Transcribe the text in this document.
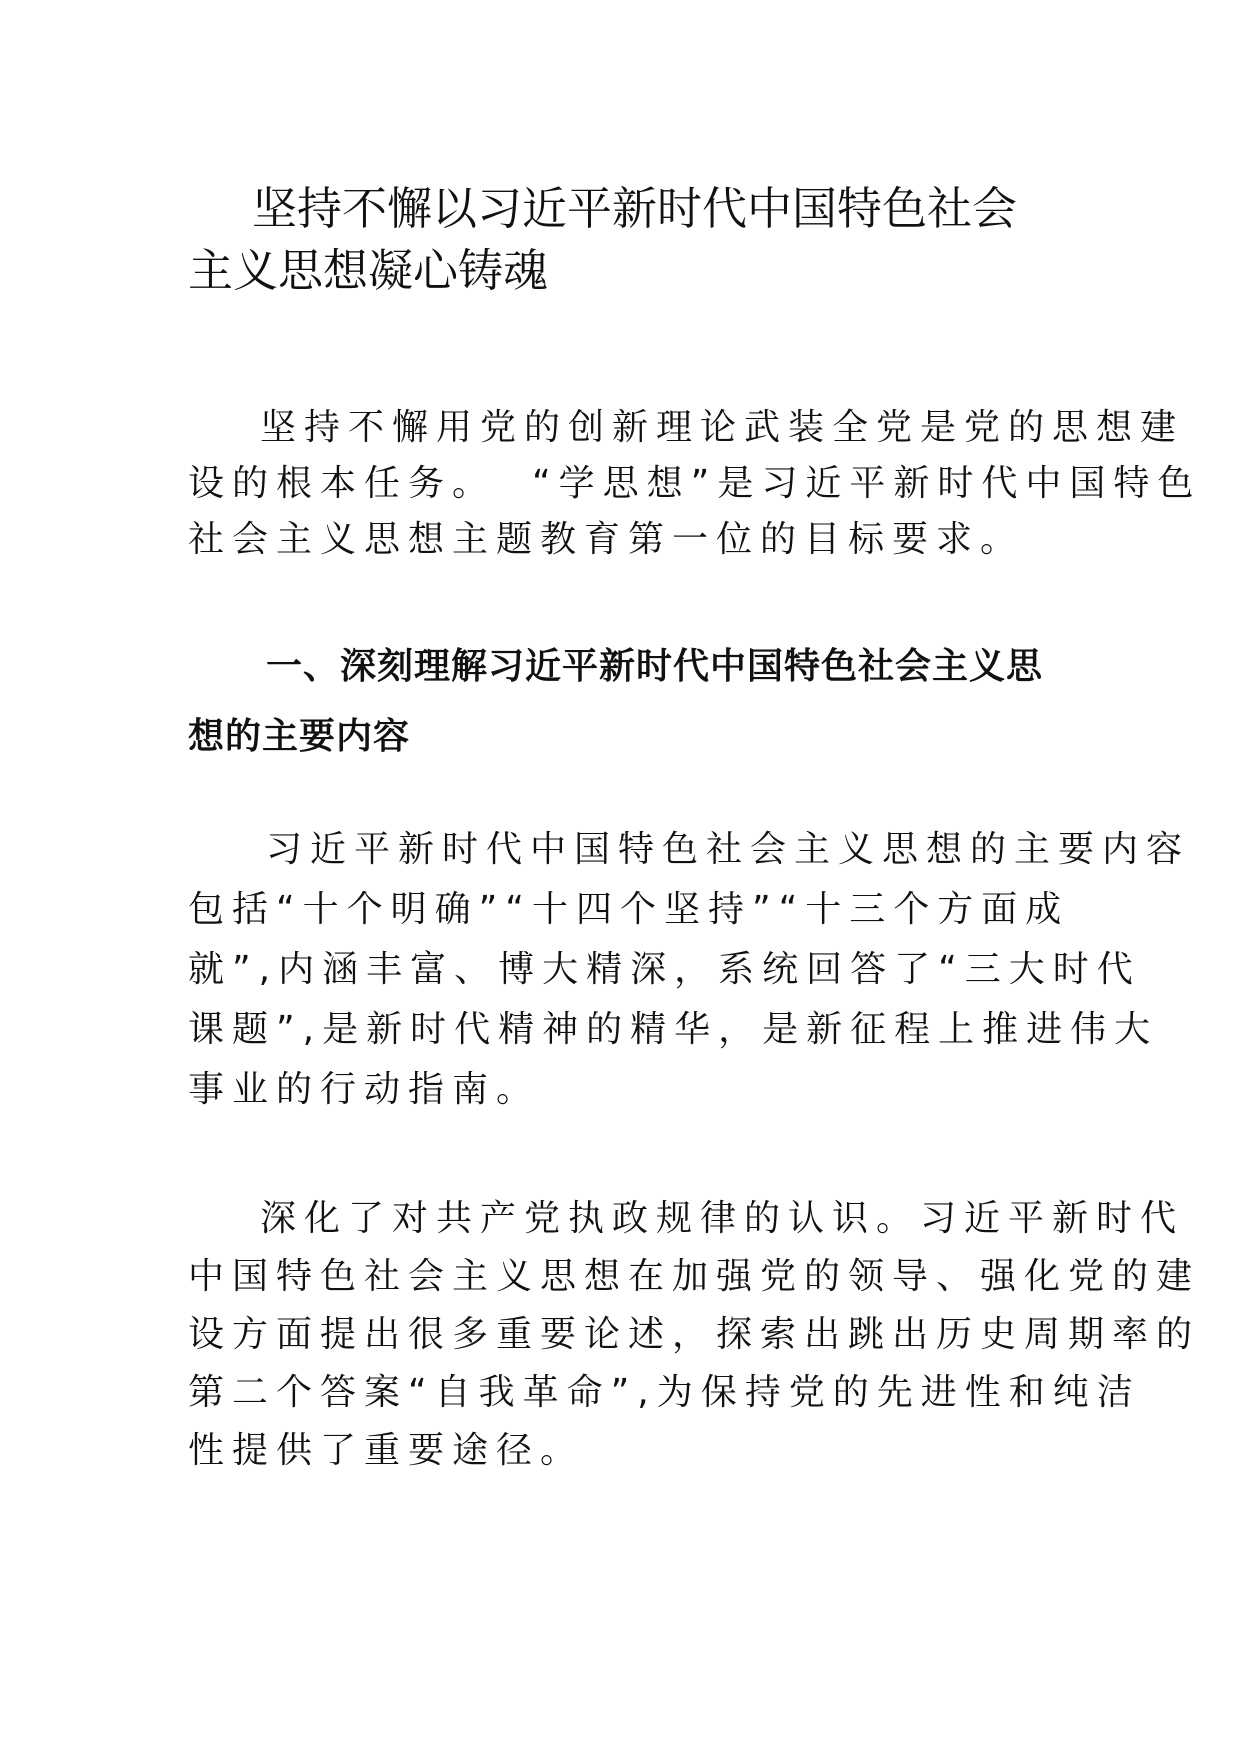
坚持不懈以习近平新时代中国特色社会
主义思想凝心铸魂

坚持不懈用党的创新理论武装全党是党的思想建
设的根本任务。 “学思想”是习近平新时代中国特色
社会主义思想主题教育第一位的目标要求。

一、深刻理解习近平新时代中国特色社会主义思
想的主要内容

习近平新时代中国特色社会主义思想的主要内容
包括“十个明确”“十四个坚持”“十三个方面成
就”,内涵丰富、博大精深，系统回答了“三大时代
课题”,是新时代精神的精华，是新征程上推进伟大
事业的行动指南。

深化了对共产党执政规律的认识。习近平新时代
中国特色社会主义思想在加强党的领导、强化党的建
设方面提出很多重要论述，探索出跳出历史周期率的
第二个答案“自我革命”,为保持党的先进性和纯洁
性提供了重要途径。
